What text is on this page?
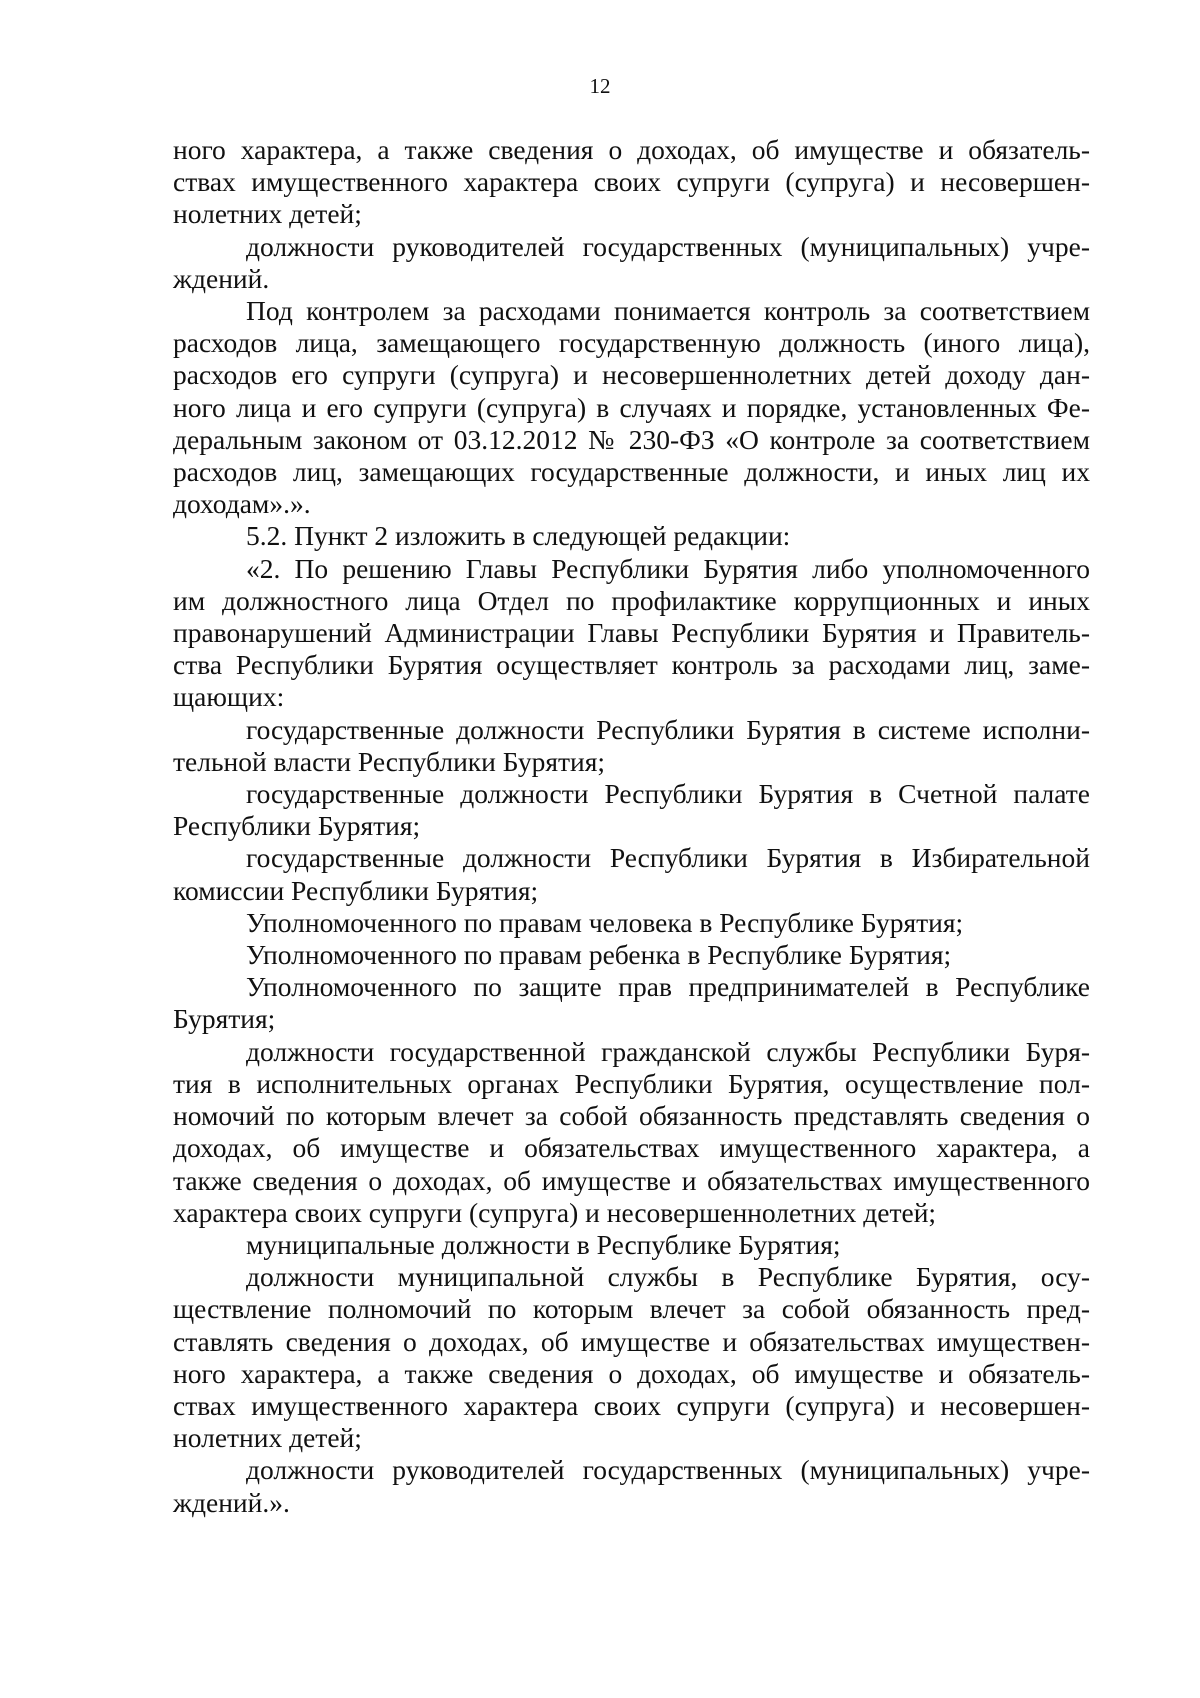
12
ного характера, а также сведения о доходах, об имуществе и обязатель-
ствах имущественного характера своих супруги (супруга) и несовершен-
нолетних детей;
должности руководителей государственных (муниципальных) учре-
ждений.
Под контролем за расходами понимается контроль за соответствием
расходов лица, замещающего государственную должность (иного лица),
расходов его супруги (супруга) и несовершеннолетних детей доходу дан-
ного лица и его супруги (супруга) в случаях и порядке, установленных Фе-
деральным законом от 03.12.2012 № 230-ФЗ «О контроле за соответствием
расходов лиц, замещающих государственные должности, и иных лиц их
доходам».».
5.2. Пункт 2 изложить в следующей редакции:
«2. По решению Главы Республики Бурятия либо уполномоченного
им должностного лица Отдел по профилактике коррупционных и иных
правонарушений Администрации Главы Республики Бурятия и Правитель-
ства Республики Бурятия осуществляет контроль за расходами лиц, заме-
щающих:
государственные должности Республики Бурятия в системе исполни-
тельной власти Республики Бурятия;
государственные должности Республики Бурятия в Счетной палате
Республики Бурятия;
государственные должности Республики Бурятия в Избирательной
комиссии Республики Бурятия;
Уполномоченного по правам человека в Республике Бурятия;
Уполномоченного по правам ребенка в Республике Бурятия;
Уполномоченного по защите прав предпринимателей в Республике
Бурятия;
должности государственной гражданской службы Республики Буря-
тия в исполнительных органах Республики Бурятия, осуществление пол-
номочий по которым влечет за собой обязанность представлять сведения о
доходах, об имуществе и обязательствах имущественного характера, а
также сведения о доходах, об имуществе и обязательствах имущественного
характера своих супруги (супруга) и несовершеннолетних детей;
муниципальные должности в Республике Бурятия;
должности муниципальной службы в Республике Бурятия, осу-
ществление полномочий по которым влечет за собой обязанность пред-
ставлять сведения о доходах, об имуществе и обязательствах имуществен-
ного характера, а также сведения о доходах, об имуществе и обязатель-
ствах имущественного характера своих супруги (супруга) и несовершен-
нолетних детей;
должности руководителей государственных (муниципальных) учре-
ждений.».
